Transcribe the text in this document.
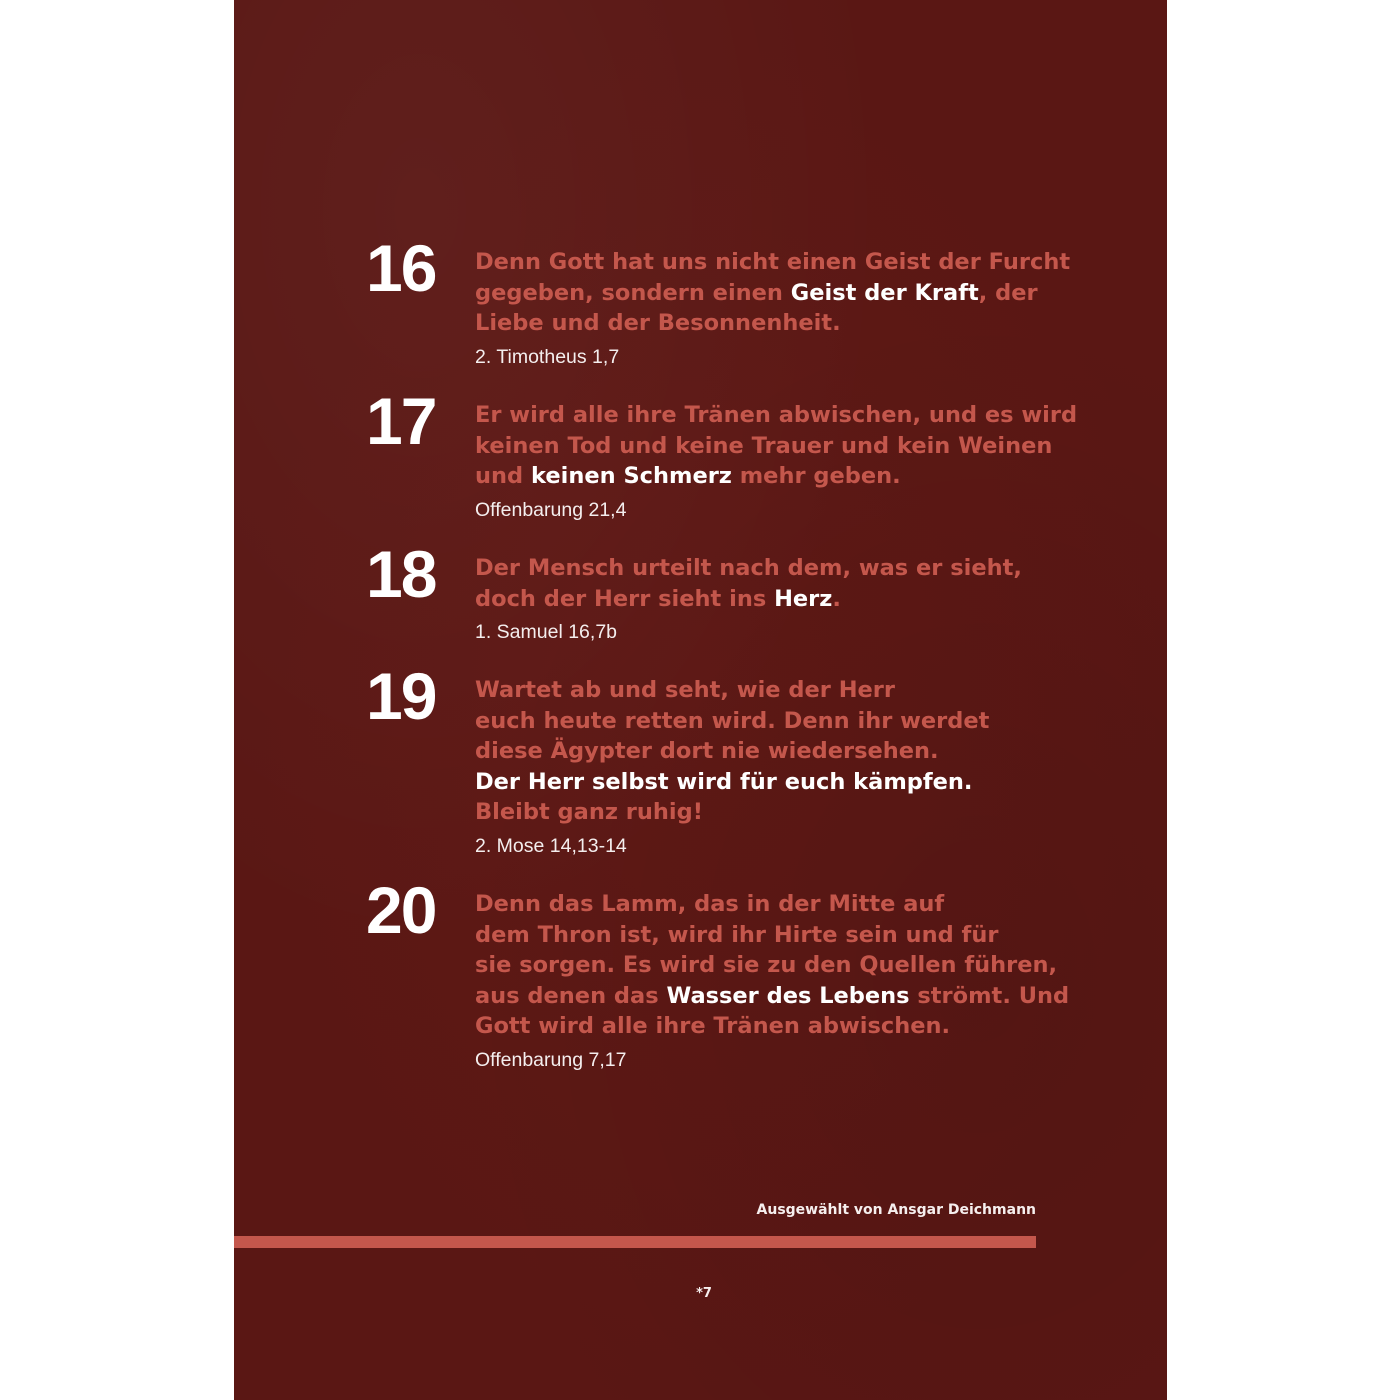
16	Denn Gott hat uns nicht einen Geist der Furcht
gegeben, sondern einen Geist der Kraft, der
Liebe und der Besonnenheit.
2. Timotheus 1,7
17	Er wird alle ihre Tränen abwischen, und es wird
keinen Tod und keine Trauer und kein Weinen
und keinen Schmerz mehr geben.
Offenbarung 21,4
18	Der Mensch urteilt nach dem, was er sieht,
doch der Herr sieht ins Herz.
1. Samuel 16,7b
19	Wartet ab und seht, wie der Herr
euch heute retten wird. Denn ihr werdet
diese Ägypter dort nie wiedersehen.
Der Herr selbst wird für euch kämpfen.
Bleibt ganz ruhig!
2. Mose 14,13-14
20	Denn das Lamm, das in der Mitte auf
dem Thron ist, wird ihr Hirte sein und für
sie sorgen. Es wird sie zu den Quellen führen,
aus denen das Wasser des Lebens strömt. Und
Gott wird alle ihre Tränen abwischen.
Offenbarung 7,17
Ausgewählt von Ansgar Deichmann
*7
